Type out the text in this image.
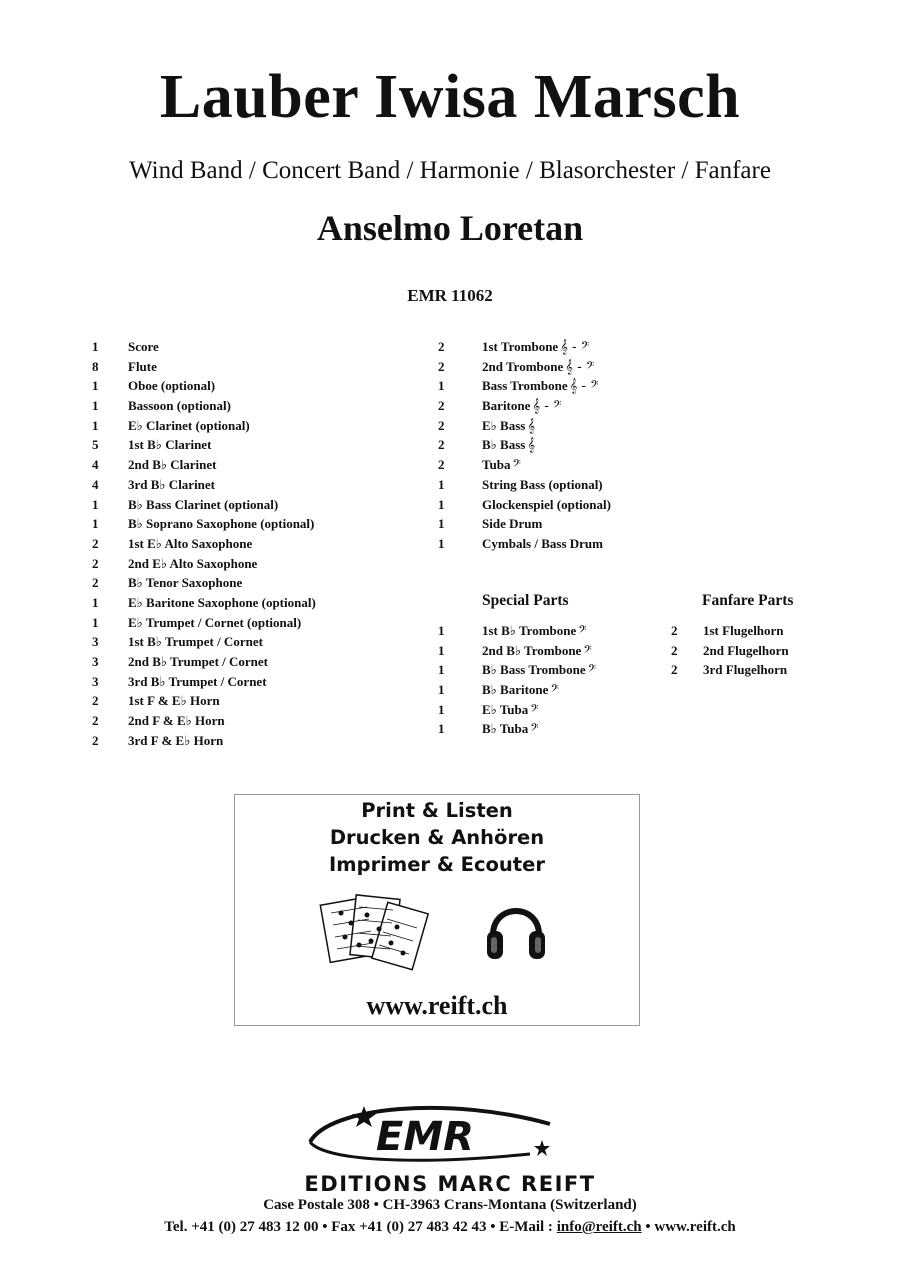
Lauber Iwisa Marsch
Wind Band / Concert Band / Harmonie / Blasorchester / Fanfare
Anselmo Loretan
EMR 11062
1	Score
8	Flute
1	Oboe (optional)
1	Bassoon (optional)
1	E♭ Clarinet (optional)
5	1st B♭ Clarinet
4	2nd B♭ Clarinet
4	3rd B♭ Clarinet
1	B♭ Bass Clarinet (optional)
1	B♭ Soprano Saxophone (optional)
2	1st E♭ Alto Saxophone
2	2nd E♭ Alto Saxophone
2	B♭ Tenor Saxophone
1	E♭ Baritone Saxophone (optional)
1	E♭ Trumpet / Cornet (optional)
3	1st B♭ Trumpet / Cornet
3	2nd B♭ Trumpet / Cornet
3	3rd B♭ Trumpet / Cornet
2	1st F & E♭ Horn
2	2nd F & E♭ Horn
2	3rd F & E♭ Horn
2	1st Trombone 𝄞 - 𝄢
2	2nd Trombone 𝄞 - 𝄢
1	Bass Trombone 𝄞 - 𝄢
2	Baritone 𝄞 - 𝄢
2	E♭ Bass 𝄞
2	B♭ Bass 𝄞
2	Tuba 𝄢
1	String Bass (optional)
1	Glockenspiel (optional)
1	Side Drum
1	Cymbals / Bass Drum
Special Parts
1	1st B♭ Trombone 𝄢
1	2nd B♭ Trombone 𝄢
1	B♭ Bass Trombone 𝄢
1	B♭ Baritone 𝄢
1	E♭ Tuba 𝄢
1	B♭ Tuba 𝄢
Fanfare Parts
2	1st Flugelhorn
2	2nd Flugelhorn
2	3rd Flugelhorn
Print & Listen
Drucken & Anhören
Imprimer & Ecouter
www.reift.ch
EMR
EDITIONS MARC REIFT
Case Postale 308 • CH-3963 Crans-Montana (Switzerland)
Tel. +41 (0) 27 483 12 00 • Fax +41 (0) 27 483 42 43 • E-Mail : info@reift.ch • www.reift.ch
